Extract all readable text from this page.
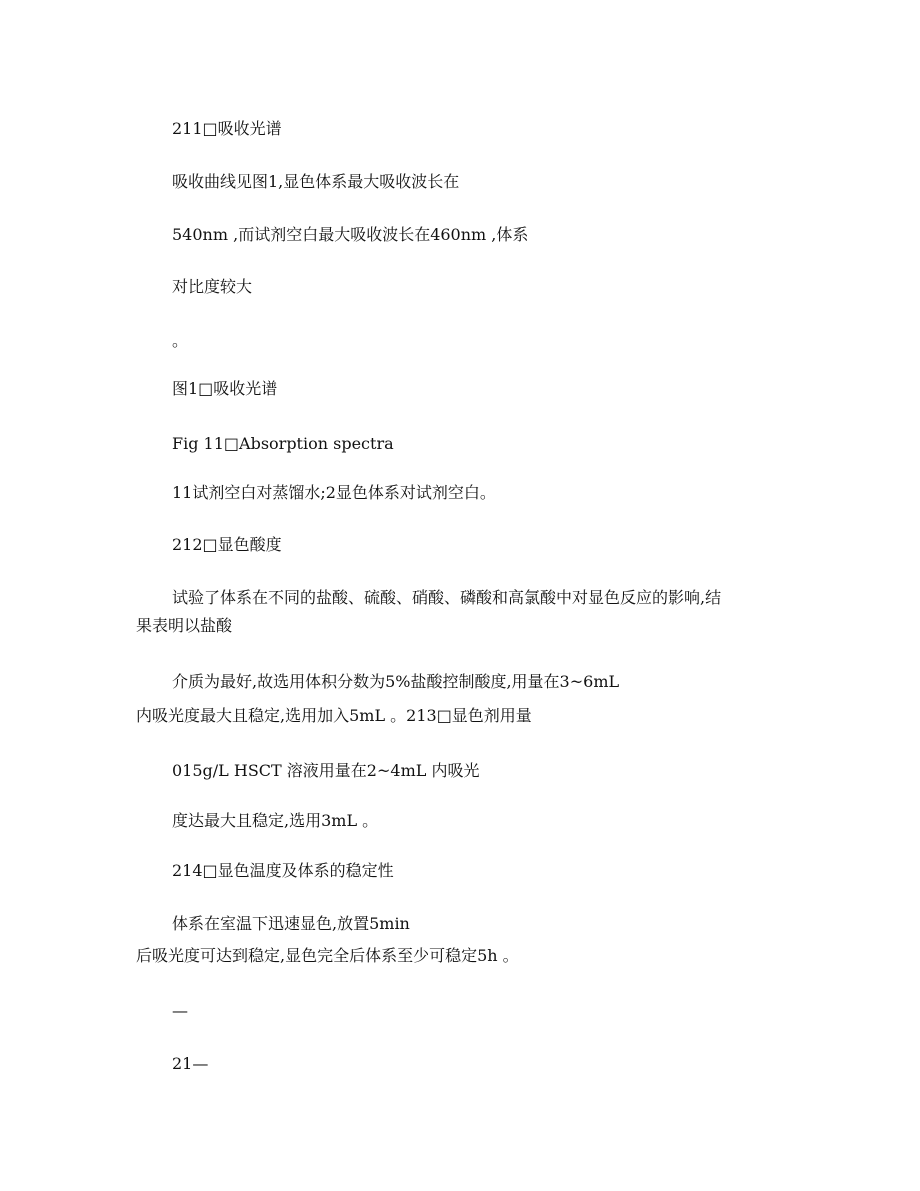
211□吸收光谱
吸收曲线见图1,显色体系最大吸收波长在
540nm ,而试剂空白最大吸收波长在460nm ,体系
对比度较大
。
图1□吸收光谱
Fig 11□Absorption spectra
11试剂空白对蒸馏水;2显色体系对试剂空白。
212□显色酸度
试验了体系在不同的盐酸、硫酸、硝酸、磷酸和高氯酸中对显色反应的影响,结
果表明以盐酸
介质为最好,故选用体积分数为5%盐酸控制酸度,用量在3~6mL
内吸光度最大且稳定,选用加入5mL 。213□显色剂用量
015g/L HSCT 溶液用量在2~4mL 内吸光
度达最大且稳定,选用3mL 。
214□显色温度及体系的稳定性
体系在室温下迅速显色,放置5min
后吸光度可达到稳定,显色完全后体系至少可稳定5h 。
—
21—
